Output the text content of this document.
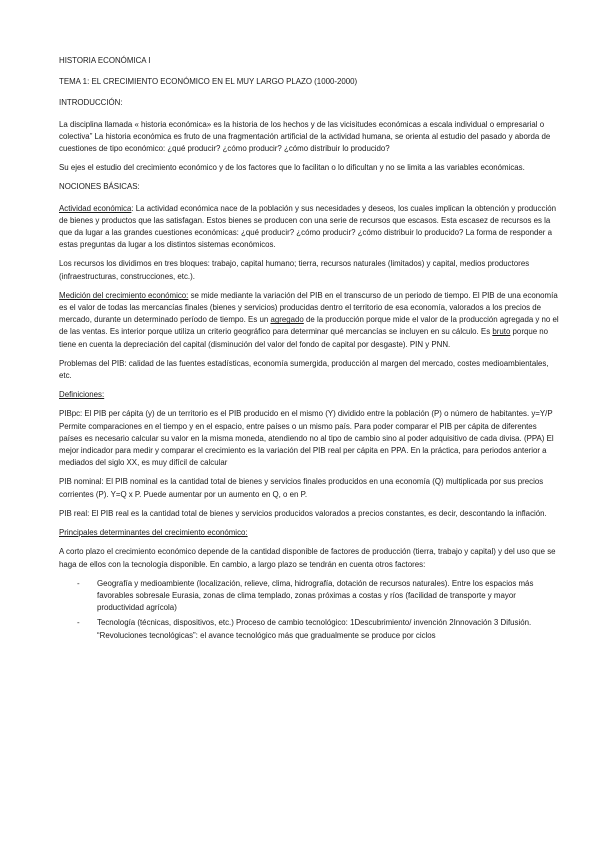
HISTORIA ECONÓMICA I
TEMA 1: EL CRECIMIENTO ECONÓMICO EN EL MUY LARGO PLAZO (1000-2000)
INTRODUCCIÓN:
La disciplina llamada « historia económica» es la historia de los hechos y de las vicisitudes económicas a escala individual o empresarial o colectiva” La historia económica es fruto de una fragmentación artificial de la actividad humana, se orienta al estudio del pasado y aborda de cuestiones de tipo económico: ¿qué producir? ¿cómo producir? ¿cómo distribuir lo producido?
Su ejes el estudio del crecimiento económico y de los factores que lo facilitan o lo dificultan y no se limita a las variables económicas.
NOCIONES BÁSICAS:
Actividad económica: La actividad económica nace de la población y sus necesidades y deseos, los cuales implican la obtención y producción de bienes y productos que las satisfagan. Estos bienes se producen con una serie de recursos que escasos. Esta escasez de recursos es la que da lugar a las grandes cuestiones económicas: ¿qué producir? ¿cómo producir? ¿cómo distribuir lo producido? La forma de responder a estas preguntas da lugar a los distintos sistemas económicos.
Los recursos los dividimos en tres bloques: trabajo, capital humano; tierra, recursos naturales (limitados) y capital, medios productores (infraestructuras, construcciones, etc.).
Medición del crecimiento económico: se mide mediante la variación del PIB en el transcurso de un periodo de tiempo. El PIB de una economía es el valor de todas las mercancías finales (bienes y servicios) producidas dentro el territorio de esa economía, valorados a los precios de mercado, durante un determinado período de tiempo. Es un agregado de la producción porque mide el valor de la producción agregada y no el de las ventas. Es interior porque utiliza un criterio geográfico para determinar qué mercancías se incluyen en su cálculo. Es bruto porque no tiene en cuenta la depreciación del capital (disminución del valor del fondo de capital por desgaste). PIN y PNN.
Problemas del PIB: calidad de las fuentes estadísticas, economía sumergida, producción al margen del mercado, costes medioambientales, etc.
Definiciones:
PIBpc: El PIB per cápita (y) de un territorio es el PIB producido en el mismo (Y) dividido entre la población (P) o número de habitantes. y=Y/P Permite comparaciones en el tiempo y en el espacio, entre países o un mismo país. Para poder comparar el PIB per cápita de diferentes países es necesario calcular su valor en la misma moneda, atendiendo no al tipo de cambio sino al poder adquisitivo de cada divisa. (PPA) El mejor indicador para medir y comparar el crecimiento es la variación del PIB real per cápita en PPA. En la práctica, para periodos anterior a mediados del siglo XX, es muy difícil de calcular
PIB nominal: El PIB nominal es la cantidad total de bienes y servicios finales producidos en una economía (Q) multiplicada por sus precios corrientes (P). Y=Q x P. Puede aumentar por un aumento en Q, o en P.
PIB real: El PIB real es la cantidad total de bienes y servicios producidos valorados a precios constantes, es decir, descontando la inflación.
Principales determinantes del crecimiento económico:
A corto plazo el crecimiento económico depende de la cantidad disponible de factores de producción (tierra, trabajo y capital) y del uso que se haga de ellos con la tecnología disponible. En cambio, a largo plazo se tendrán en cuenta otros factores:
- Geografía y medioambiente (localización, relieve, clima, hidrografía, dotación de recursos naturales). Entre los espacios más favorables sobresale Eurasia, zonas de clima templado, zonas próximas a costas y ríos (facilidad de transporte y mayor productividad agrícola)
- Tecnología (técnicas, dispositivos, etc.) Proceso de cambio tecnológico: 1Descubrimiento/ invención 2Innovación 3 Difusión. “Revoluciones tecnológicas”: el avance tecnológico más que gradualmente se produce por ciclos
